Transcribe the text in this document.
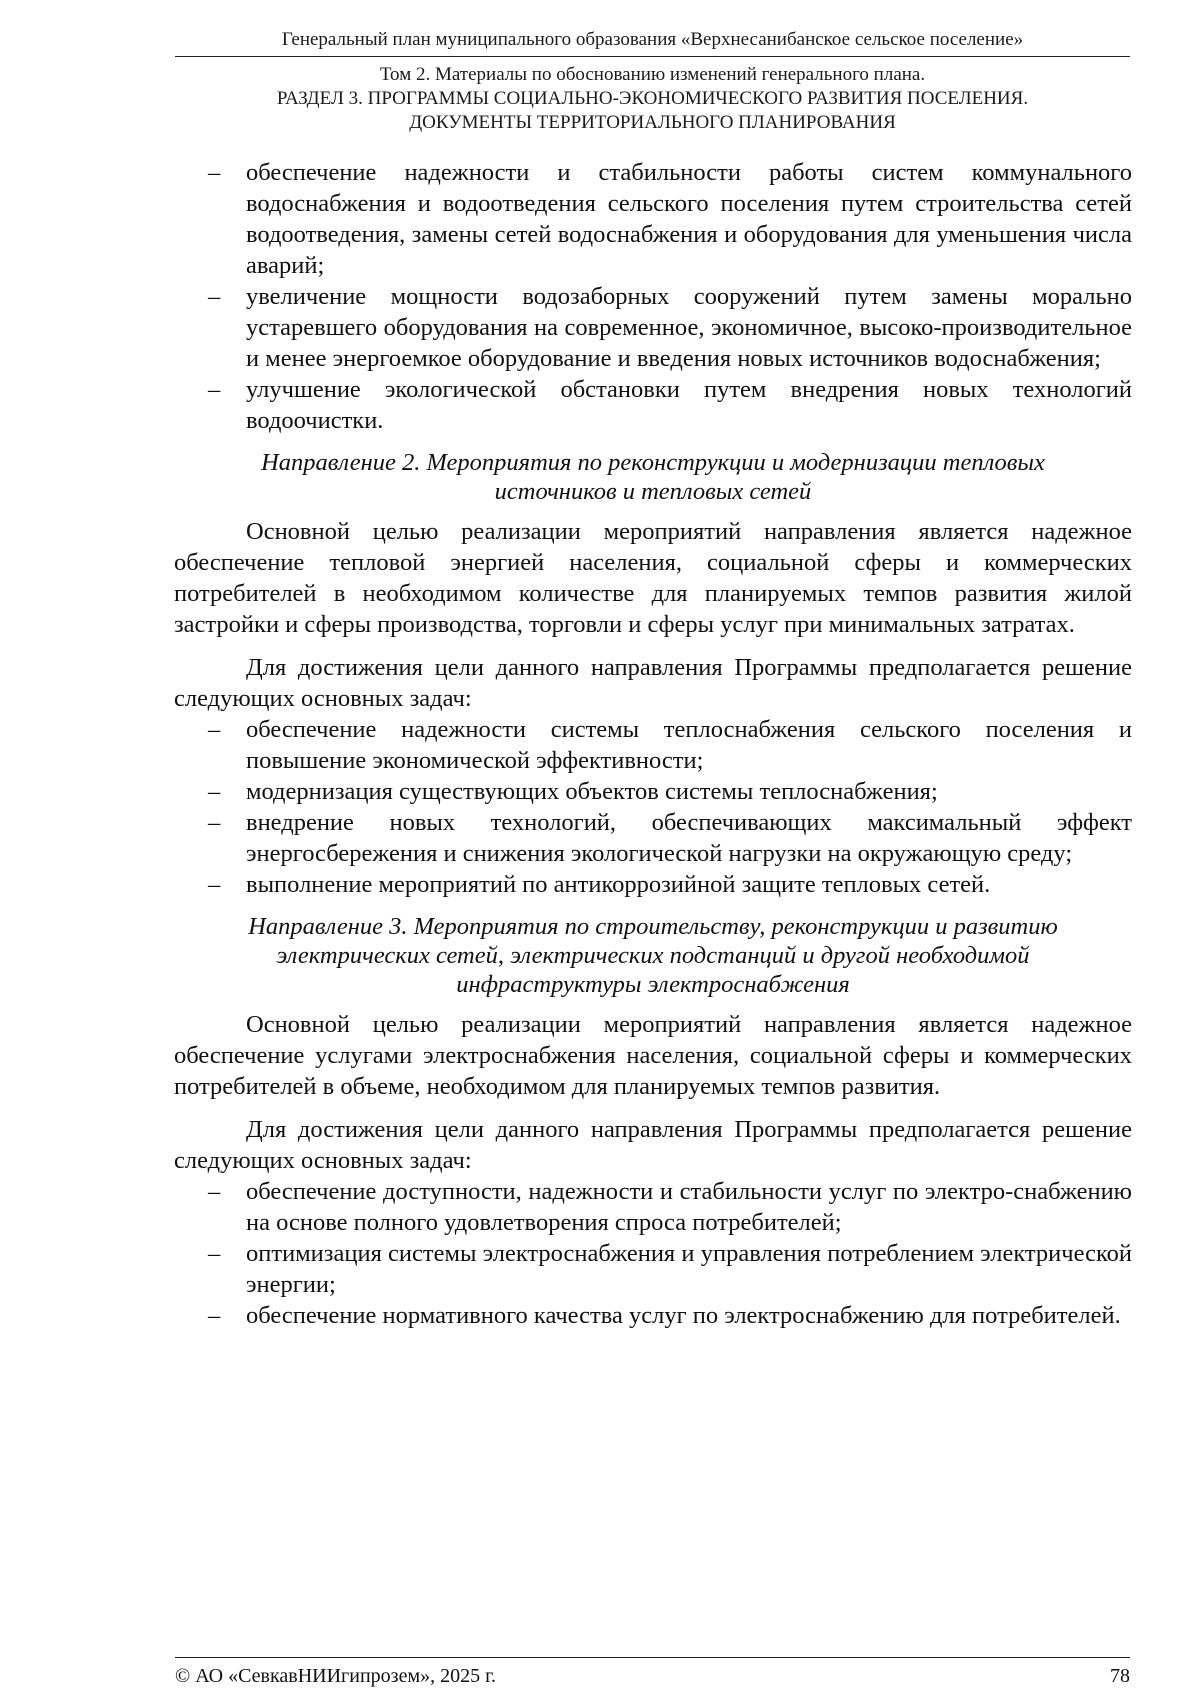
Генеральный план муниципального образования «Верхнесанибанское сельское поселение»
Том 2. Материалы по обоснованию изменений генерального плана.
РАЗДЕЛ 3. ПРОГРАММЫ СОЦИАЛЬНО-ЭКОНОМИЧЕСКОГО РАЗВИТИЯ ПОСЕЛЕНИЯ.
ДОКУМЕНТЫ ТЕРРИТОРИАЛЬНОГО ПЛАНИРОВАНИЯ
– обеспечение надежности и стабильности работы систем коммунального водоснабжения и водоотведения сельского поселения путем строительства сетей водоотведения, замены сетей водоснабжения и оборудования для уменьшения числа аварий;
– увеличение мощности водозаборных сооружений путем замены морально устаревшего оборудования на современное, экономичное, высоко-производительное и менее энергоемкое оборудование и введения новых источников водоснабжения;
– улучшение экологической обстановки путем внедрения новых технологий водоочистки.

Направление 2. Мероприятия по реконструкции и модернизации тепловых
источников и тепловых сетей

Основной целью реализации мероприятий направления является надежное обеспечение тепловой энергией населения, социальной сферы и коммерческих потребителей в необходимом количестве для планируемых темпов развития жилой застройки и сферы производства, торговли и сферы услуг при минимальных затратах.

Для достижения цели данного направления Программы предполагается решение следующих основных задач:

– обеспечение надежности системы теплоснабжения сельского поселения и повышение экономической эффективности;
– модернизация существующих объектов системы теплоснабжения;
– внедрение новых технологий, обеспечивающих максимальный эффект энергосбережения и снижения экологической нагрузки на окружающую среду;
– выполнение мероприятий по антикоррозийной защите тепловых сетей.

Направление 3. Мероприятия по строительству, реконструкции и развитию
электрических сетей, электрических подстанций и другой необходимой
инфраструктуры электроснабжения

Основной целью реализации мероприятий направления является надежное обеспечение услугами электроснабжения населения, социальной сферы и коммерческих потребителей в объеме, необходимом для планируемых темпов развития.

Для достижения цели данного направления Программы предполагается решение следующих основных задач:

– обеспечение доступности, надежности и стабильности услуг по электро-снабжению на основе полного удовлетворения спроса потребителей;
– оптимизация системы электроснабжения и управления потреблением электрической энергии;
– обеспечение нормативного качества услуг по электроснабжению для потребителей.
© АО «СевкавНИИгипрозем», 2025 г.	78
